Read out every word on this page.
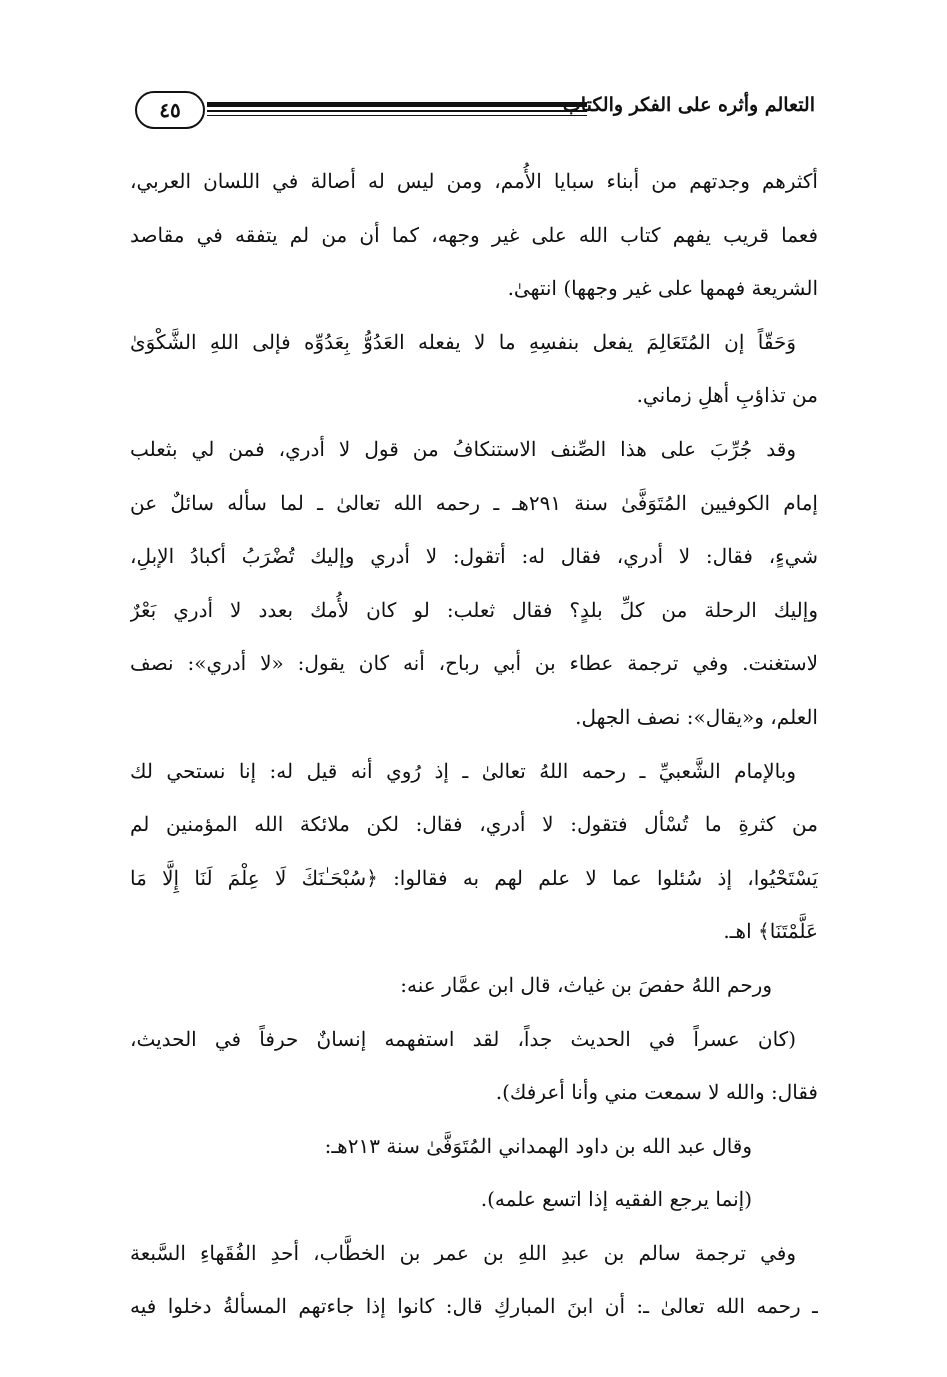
التعالم وأثره على الفكر والكتاب
٤٥
أكثرهم وجدتهم من أبناء سبايا الأُمم، ومن ليس له أصالة في اللسان العربي،
فعما قريب يفهم كتاب الله على غير وجهه، كما أن من لم يتفقه في مقاصد
الشريعة فهمها على غير وجهها) انتهىٰ.
وَحَقّاً إن المُتَعَالِمَ يفعل بنفسِهِ ما لا يفعله العَدُوُّ بِعَدُوِّه فإلى اللهِ الشَّكْوَىٰ
من تذاؤبِ أهلِ زماني.
وقد جُرِّبَ على هذا الصِّنف الاستنكافُ من قول لا أدري، فمن لي بثعلب
إمام الكوفيين المُتَوَفَّىٰ سنة ٢٩١هـ ـ رحمه الله تعالىٰ ـ لما سأله سائلٌ عن
شيءٍ، فقال: لا أدري، فقال له: أتقول: لا أدري وإليك تُضْرَبُ أكبادُ الإبلِ،
وإليك الرحلة من كلِّ بلدٍ؟ فقال ثعلب: لو كان لأُمك بعدد لا أدري بَعْرٌ
لاستغنت. وفي ترجمة عطاء بن أبي رباح، أنه كان يقول: «لا أدري»: نصف
العلم، و«يقال»: نصف الجهل.
وبالإمام الشَّعبيِّ ـ رحمه اللهُ تعالىٰ ـ إذ رُوي أنه قيل له: إنا نستحي لك
من كثرةِ ما تُسْأل فتقول: لا أدري، فقال: لكن ملائكة الله المؤمنين لم
يَسْتَحْيُوا، إذ سُئلوا عما لا علم لهم به فقالوا: ﴿سُبْحَـٰنَكَ لَا عِلْمَ لَنَا إِلَّا مَا
عَلَّمْتَنَا﴾ اهـ.
ورحم اللهُ حفصَ بن غياث، قال ابن عمَّار عنه:
(كان عسراً في الحديث جداً، لقد استفهمه إنسانٌ حرفاً في الحديث،
فقال: والله لا سمعت مني وأنا أعرفك).
وقال عبد الله بن داود الهمداني المُتَوَفَّىٰ سنة ٢١٣هـ:
(إنما يرجع الفقيه إذا اتسع علمه).
وفي ترجمة سالم بن عبدِ اللهِ بن عمر بن الخطَّاب، أحدِ الفُقَهاءِ السَّبعة
ـ رحمه الله تعالىٰ ـ: أن ابنَ المباركِ قال: كانوا إذا جاءتهم المسألةُ دخلوا فيه
